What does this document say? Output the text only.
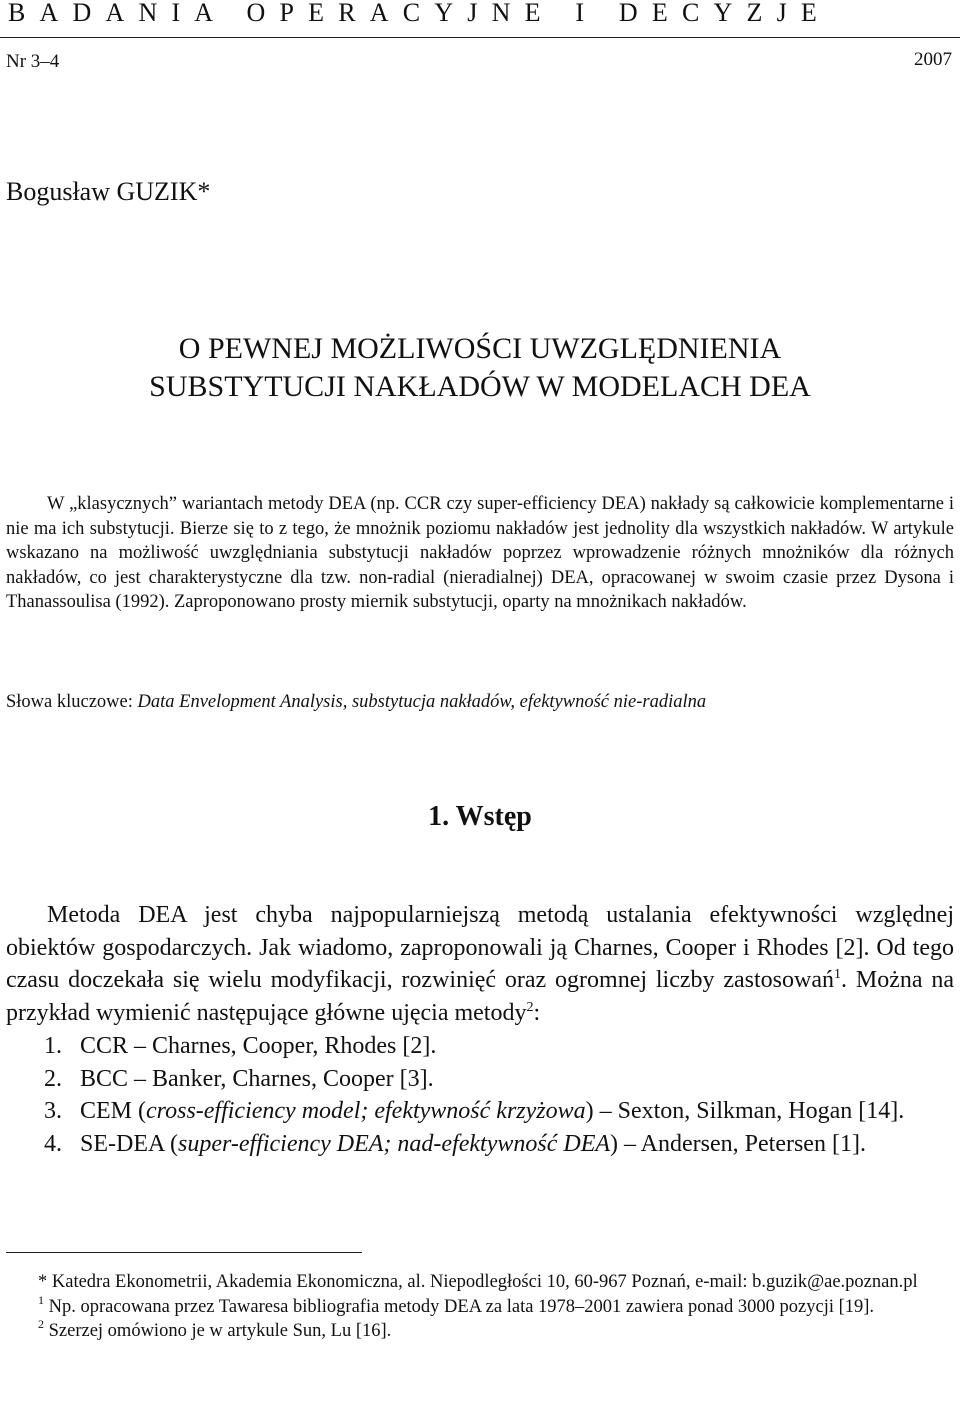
BADANIA OPERACYJNE I DECYZJE
Nr 3–4	2007
Bogusław GUZIK*
O PEWNEJ MOŻLIWOŚCI UWZGLĘDNIENIA
SUBSTYTUCJI NAKŁADÓW W MODELACH DEA
W „klasycznych” wariantach metody DEA (np. CCR czy super-efficiency DEA) nakłady są całkowicie komplementarne i nie ma ich substytucji. Bierze się to z tego, że mnożnik poziomu nakładów jest jednolity dla wszystkich nakładów. W artykule wskazano na możliwość uwzględniania substytucji nakładów poprzez wprowadzenie różnych mnożników dla różnych nakładów, co jest charakterystyczne dla tzw. non-radial (nieradialnej) DEA, opracowanej w swoim czasie przez Dysona i Thanassoulisa (1992). Zaproponowano prosty miernik substytucji, oparty na mnożnikach nakładów.
Słowa kluczowe: Data Envelopment Analysis, substytucja nakładów, efektywność nie-radialna
1. Wstęp
Metoda DEA jest chyba najpopularniejszą metodą ustalania efektywności względnej obiektów gospodarczych. Jak wiadomo, zaproponowali ją Charnes, Cooper i Rhodes [2]. Od tego czasu doczekała się wielu modyfikacji, rozwinięć oraz ogromnej liczby zastosowań$^1$. Można na przykład wymienić następujące główne ujęcia metody$^2$:
1. CCR – Charnes, Cooper, Rhodes [2].
2. BCC – Banker, Charnes, Cooper [3].
3. CEM (cross-efficiency model; efektywność krzyżowa) – Sexton, Silkman, Hogan [14].
4. SE-DEA (super-efficiency DEA; nad-efektywność DEA) – Andersen, Petersen [1].
* Katedra Ekonometrii, Akademia Ekonomiczna, al. Niepodległości 10, 60-967 Poznań, e-mail: b.guzik@ae.poznan.pl
$^1$ Np. opracowana przez Tawaresa bibliografia metody DEA za lata 1978–2001 zawiera ponad 3000 pozycji [19].
$^2$ Szerzej omówiono je w artykule Sun, Lu [16].
